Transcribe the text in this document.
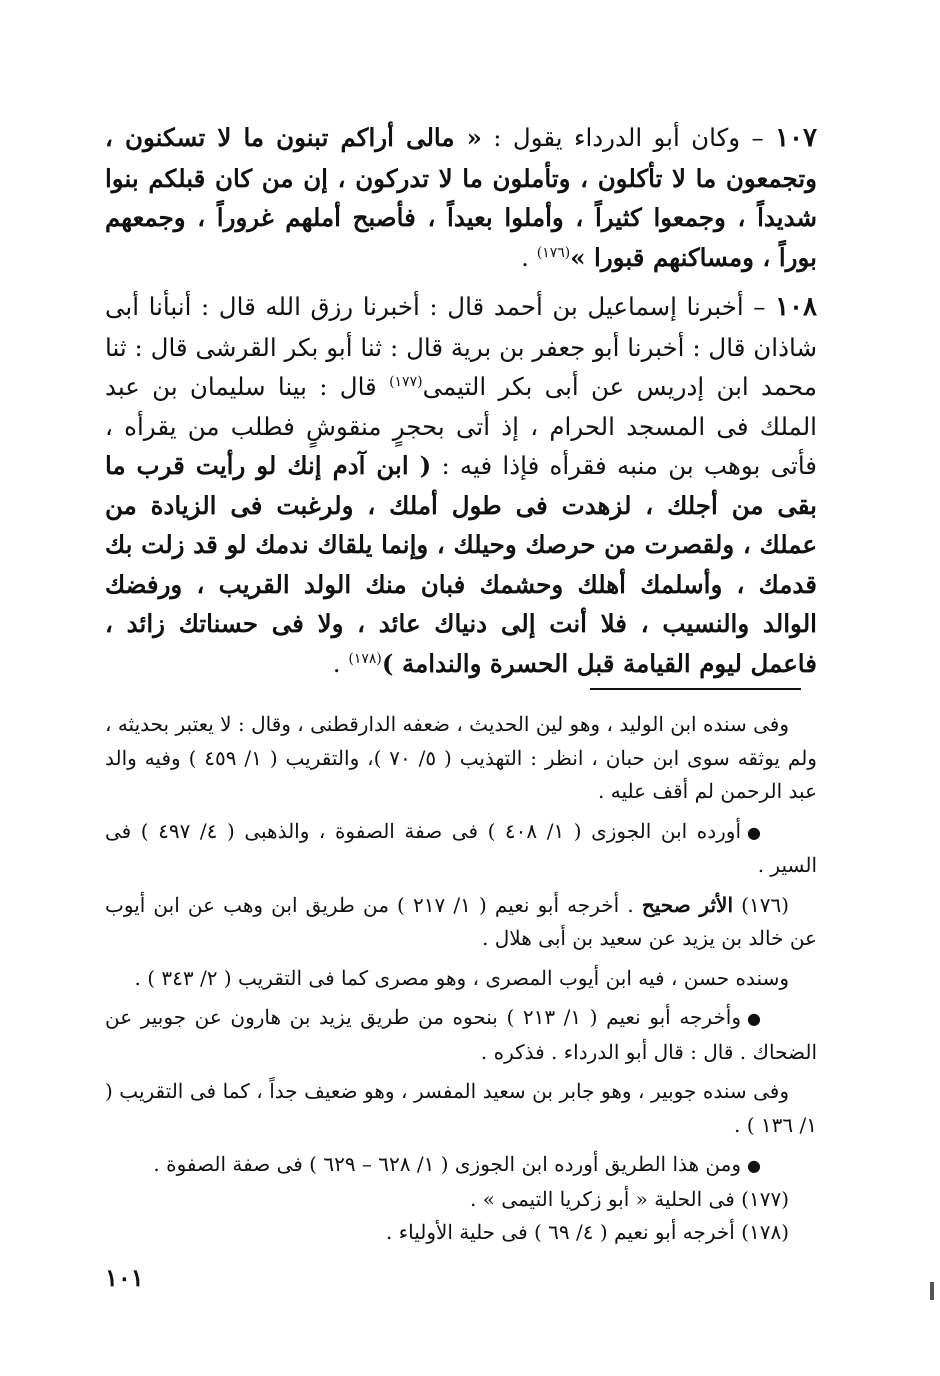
١٠٧ – وكان أبو الدرداء يقول : « مالى أراكم تبنون ما لا تسكنون ، وتجمعون ما لا تأكلون ، وتأملون ما لا تدركون ، إن من كان قبلكم بنوا شديداً ، وجمعوا كثيراً ، وأملوا بعيداً ، فأصبح أملهم غروراً ، وجمعهم بوراً ، ومساكنهم قبورا »$^{(١٧٦)}$ .

١٠٨ – أخبرنا إسماعيل بن أحمد قال : أخبرنا رزق الله قال : أنبأنا أبى شاذان قال : أخبرنا أبو جعفر بن برية قال : ثنا أبو بكر القرشى قال : ثنا محمد ابن إدريس عن أبى بكر التيمى$^{(١٧٧)}$ قال : بينا سليمان بن عبد الملك فى المسجد الحرام ، إذ أتى بحجرٍ منقوشٍ فطلب من يقرأه ، فأتى بوهب بن منبه فقرأه فإذا فيه : ( ابن آدم إنك لو رأيت قرب ما بقى من أجلك ، لزهدت فى طول أملك ، ولرغبت فى الزيادة من عملك ، ولقصرت من حرصك وحيلك ، وإنما يلقاك ندمك لو قد زلت بك قدمك ، وأسلمك أهلك وحشمك فبان منك الولد القريب ، ورفضك الوالد والنسيب ، فلا أنت إلى دنياك عائد ، ولا فى حسناتك زائد ، فاعمل ليوم القيامة قبل الحسرة والندامة )$^{(١٧٨)}$ .

وفى سنده ابن الوليد ، وهو لين الحديث ، ضعفه الدارقطنى ، وقال : لا يعتبر بحديثه ، ولم يوثقه سوى ابن حبان ، انظر : التهذيب ( ٥/ ٧٠ )، والتقريب ( ١/ ٤٥٩ ) وفيه والد عبد الرحمن لم أقف عليه .

●أورده ابن الجوزى ( ١/ ٤٠٨ ) فى صفة الصفوة ، والذهبى ( ٤/ ٤٩٧ ) فى السير .

(١٧٦) الأثر صحيح . أخرجه أبو نعيم ( ١/ ٢١٧ ) من طريق ابن وهب عن ابن أيوب عن خالد بن يزيد عن سعيد بن أبى هلال .

وسنده حسن ، فيه ابن أيوب المصرى ، وهو مصرى كما فى التقريب ( ٢/ ٣٤٣ ) .

●وأخرجه أبو نعيم ( ١/ ٢١٣ ) بنحوه من طريق يزيد بن هارون عن جوبير عن الضحاك . قال : قال أبو الدرداء . فذكره .

وفى سنده جوبير ، وهو جابر بن سعيد المفسر ، وهو ضعيف جداً ، كما فى التقريب ( ١/ ١٣٦ ) .

●ومن هذا الطريق أورده ابن الجوزى ( ١/ ٦٢٨ – ٦٢٩ ) فى صفة الصفوة .

(١٧٧) فى الحلية « أبو زكريا التيمى » .

(١٧٨) أخرجه أبو نعيم ( ٤/ ٦٩ ) فى حلية الأولياء .

١٠١
